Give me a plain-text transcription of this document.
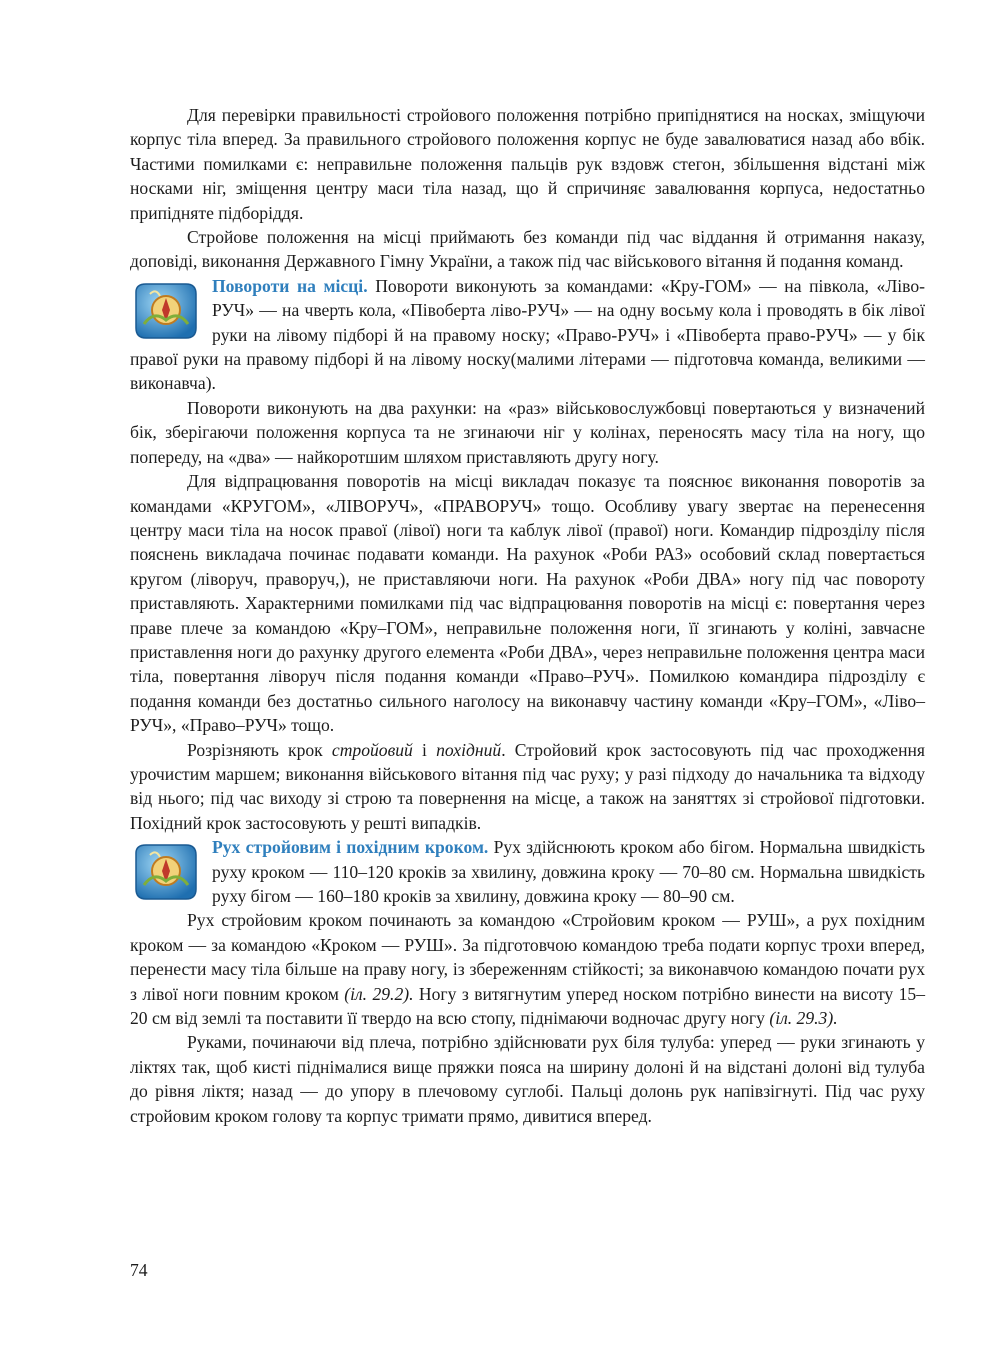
Для перевірки правильності стройового положення потрібно припіднятися на носках, зміщуючи корпус тіла вперед. За правильного стройового положення корпус не буде завалюватися назад або вбік. Частими помилками є: неправильне положення пальців рук вздовж стегон, збільшення відстані між носками ніг, зміщення центру маси тіла назад, що й спричиняє завалювання корпуса, недостатньо припідняте підборіддя.

Стройове положення на місці приймають без команди під час віддання й отримання наказу, доповіді, виконання Державного Гімну України, а також під час військового вітання й подання команд.

Повороти на місці. Повороти виконують за командами: «Кру-ГОМ» — на півкола, «Ліво-РУЧ» — на чверть кола, «Півоберта ліво-РУЧ» — на одну восьму кола і проводять в бік лівої руки на лівому підборі й на правому носку; «Право-РУЧ» і «Півоберта право-РУЧ» — у бік правої руки на правому підборі й на лівому носку(малими літерами — підготовча команда, великими — виконавча).

Повороти виконують на два рахунки: на «раз» військовослужбовці повертаються у визначений бік, зберігаючи положення корпуса та не згинаючи ніг у колінах, переносять масу тіла на ногу, що попереду, на «два» — найкоротшим шляхом приставляють другу ногу.

Для відпрацювання поворотів на місці викладач показує та пояснює виконання поворотів за командами «КРУГОМ», «ЛІВОРУЧ», «ПРАВОРУЧ» тощо. Особливу увагу звертає на перенесення центру маси тіла на носок правої (лівої) ноги та каблук лівої (правої) ноги. Командир підрозділу після пояснень викладача починає подавати команди. На рахунок «Роби РАЗ» особовий склад повертається кругом (ліворуч, праворуч,), не приставляючи ноги. На рахунок «Роби ДВА» ногу під час повороту приставляють. Характерними помилками під час відпрацювання поворотів на місці є: повертання через праве плече за командою «Кру–ГОМ», неправильне положення ноги, її згинають у коліні, завчасне приставлення ноги до рахунку другого елемента «Роби ДВА», через неправильне положення центра маси тіла, повертання ліворуч після подання команди «Право–РУЧ». Помилкою командира підрозділу є подання команди без достатньо сильного наголосу на виконавчу частину команди «Кру–ГОМ», «Ліво–РУЧ», «Право–РУЧ» тощо.

Розрізняють крок стройовий і похідний. Стройовий крок застосовують під час проходження урочистим маршем; виконання військового вітання під час руху; у разі підходу до начальника та відходу від нього; під час виходу зі строю та повернення на місце, а також на заняттях зі стройової підготовки. Похідний крок застосовують у решті випадків.

Рух стройовим і похідним кроком. Рух здійснюють кроком або бігом. Нормальна швидкість руху кроком — 110–120 кроків за хвилину, довжина кроку — 70–80 см. Нормальна швидкість руху бігом — 160–180 кроків за хвилину, довжина кроку — 80–90 см.

Рух стройовим кроком починають за командою «Стройовим кроком — РУШ», а рух похідним кроком — за командою «Кроком — РУШ». За підготовчою командою треба подати корпус трохи вперед, перенести масу тіла більше на праву ногу, із збереженням стійкості; за виконавчою командою почати рух з лівої ноги повним кроком (іл. 29.2). Ногу з витягнутим уперед носком потрібно винести на висоту 15–20 см від землі та поставити її твердо на всю стопу, піднімаючи водночас другу ногу (іл. 29.3).

Руками, починаючи від плеча, потрібно здійснювати рух біля тулуба: уперед — руки згинають у ліктях так, щоб кисті піднімалися вище пряжки пояса на ширину долоні й на відстані долоні від тулуба до рівня ліктя; назад — до упору в плечовому суглобі. Пальці долонь рук напівзігнуті. Під час руху стройовим кроком голову та корпус тримати прямо, дивитися вперед.

74
